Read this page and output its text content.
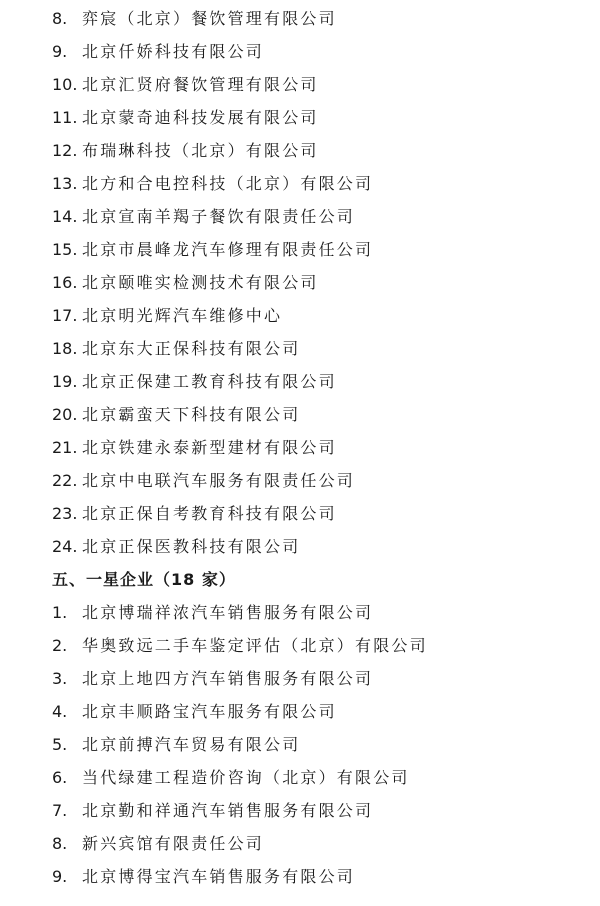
8. 弈宸（北京）餐饮管理有限公司
9. 北京仟娇科技有限公司
10. 北京汇贤府餐饮管理有限公司
11. 北京蒙奇迪科技发展有限公司
12. 布瑞琳科技（北京）有限公司
13. 北方和合电控科技（北京）有限公司
14. 北京宣南羊羯子餐饮有限责任公司
15. 北京市晨峰龙汽车修理有限责任公司
16. 北京颐唯实检测技术有限公司
17. 北京明光辉汽车维修中心
18. 北京东大正保科技有限公司
19. 北京正保建工教育科技有限公司
20. 北京霸蛮天下科技有限公司
21. 北京铁建永泰新型建材有限公司
22. 北京中电联汽车服务有限责任公司
23. 北京正保自考教育科技有限公司
24. 北京正保医教科技有限公司
五、一星企业（18 家）
1. 北京博瑞祥浓汽车销售服务有限公司
2. 华奥致远二手车鉴定评估（北京）有限公司
3. 北京上地四方汽车销售服务有限公司
4. 北京丰顺路宝汽车服务有限公司
5. 北京前搏汽车贸易有限公司
6. 当代绿建工程造价咨询（北京）有限公司
7. 北京勤和祥通汽车销售服务有限公司
8. 新兴宾馆有限责任公司
9. 北京博得宝汽车销售服务有限公司
